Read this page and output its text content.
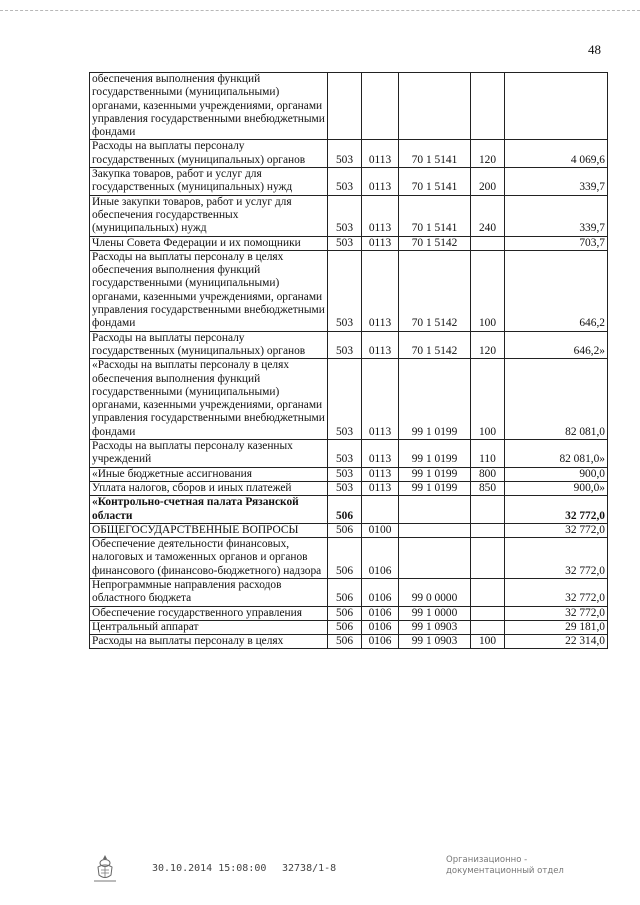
48
обеспечения выполнения функций государственными (муниципальными) органами, казенными учреждениями, органами управления государственными внебюджетными фондами					
Расходы на выплаты персоналу государственных (муниципальных) органов	503	0113	70 1 5141	120	4 069,6
Закупка товаров, работ и услуг для государственных (муниципальных) нужд	503	0113	70 1 5141	200	339,7
Иные закупки товаров, работ и услуг для обеспечения государственных (муниципальных) нужд	503	0113	70 1 5141	240	339,7
Члены Совета Федерации и их помощники	503	0113	70 1 5142		703,7
Расходы на выплаты персоналу в целях обеспечения выполнения функций государственными (муниципальными) органами, казенными учреждениями, органами управления государственными внебюджетными фондами	503	0113	70 1 5142	100	646,2
Расходы на выплаты персоналу государственных (муниципальных) органов	503	0113	70 1 5142	120	646,2»
«Расходы на выплаты персоналу в целях обеспечения выполнения функций государственными (муниципальными) органами, казенными учреждениями, органами управления государственными внебюджетными фондами	503	0113	99 1 0199	100	82 081,0
Расходы на выплаты персоналу казенных учреждений	503	0113	99 1 0199	110	82 081,0»
«Иные бюджетные ассигнования	503	0113	99 1 0199	800	900,0
Уплата налогов, сборов и иных платежей	503	0113	99 1 0199	850	900,0»
«Контрольно-счетная палата Рязанской области	506				32 772,0
ОБЩЕГОСУДАРСТВЕННЫЕ ВОПРОСЫ	506	0100			32 772,0
Обеспечение деятельности финансовых, налоговых и таможенных органов и органов финансового (финансово-бюджетного) надзора	506	0106			32 772,0
Непрограммные направления расходов областного бюджета	506	0106	99 0 0000		32 772,0
Обеспечение государственного управления	506	0106	99 1 0000		32 772,0
Центральный аппарат	506	0106	99 1 0903		29 181,0
Расходы на выплаты персоналу в целях	506	0106	99 1 0903	100	22 314,0
30.10.2014 15:08:00 32738/1-8
Организационно -
документационный отдел
